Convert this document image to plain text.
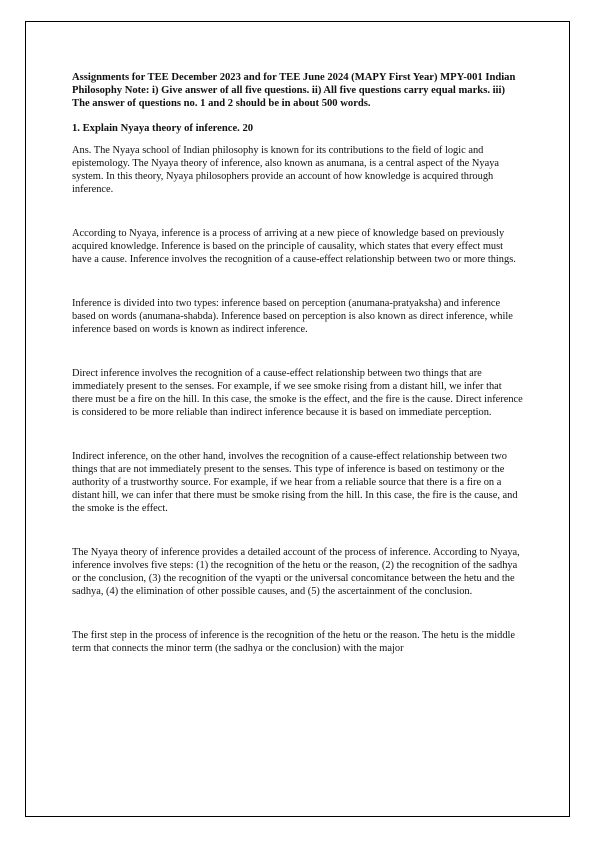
Assignments for TEE December 2023 and for TEE June 2024 (MAPY First Year) MPY-001 Indian Philosophy Note: i) Give answer of all five questions. ii) All five questions carry equal marks. iii) The answer of questions no. 1 and 2 should be in about 500 words.

1. Explain Nyaya theory of inference. 20

Ans. The Nyaya school of Indian philosophy is known for its contributions to the field of logic and epistemology. The Nyaya theory of inference, also known as anumana, is a central aspect of the Nyaya system. In this theory, Nyaya philosophers provide an account of how knowledge is acquired through inference.

According to Nyaya, inference is a process of arriving at a new piece of knowledge based on previously acquired knowledge. Inference is based on the principle of causality, which states that every effect must have a cause. Inference involves the recognition of a cause-effect relationship between two or more things.

Inference is divided into two types: inference based on perception (anumana-pratyaksha) and inference based on words (anumana-shabda). Inference based on perception is also known as direct inference, while inference based on words is known as indirect inference.

Direct inference involves the recognition of a cause-effect relationship between two things that are immediately present to the senses. For example, if we see smoke rising from a distant hill, we infer that there must be a fire on the hill. In this case, the smoke is the effect, and the fire is the cause. Direct inference is considered to be more reliable than indirect inference because it is based on immediate perception.

Indirect inference, on the other hand, involves the recognition of a cause-effect relationship between two things that are not immediately present to the senses. This type of inference is based on testimony or the authority of a trustworthy source. For example, if we hear from a reliable source that there is a fire on a distant hill, we can infer that there must be smoke rising from the hill. In this case, the fire is the cause, and the smoke is the effect.

The Nyaya theory of inference provides a detailed account of the process of inference. According to Nyaya, inference involves five steps: (1) the recognition of the hetu or the reason, (2) the recognition of the sadhya or the conclusion, (3) the recognition of the vyapti or the universal concomitance between the hetu and the sadhya, (4) the elimination of other possible causes, and (5) the ascertainment of the conclusion.

The first step in the process of inference is the recognition of the hetu or the reason. The hetu is the middle term that connects the minor term (the sadhya or the conclusion) with the major
